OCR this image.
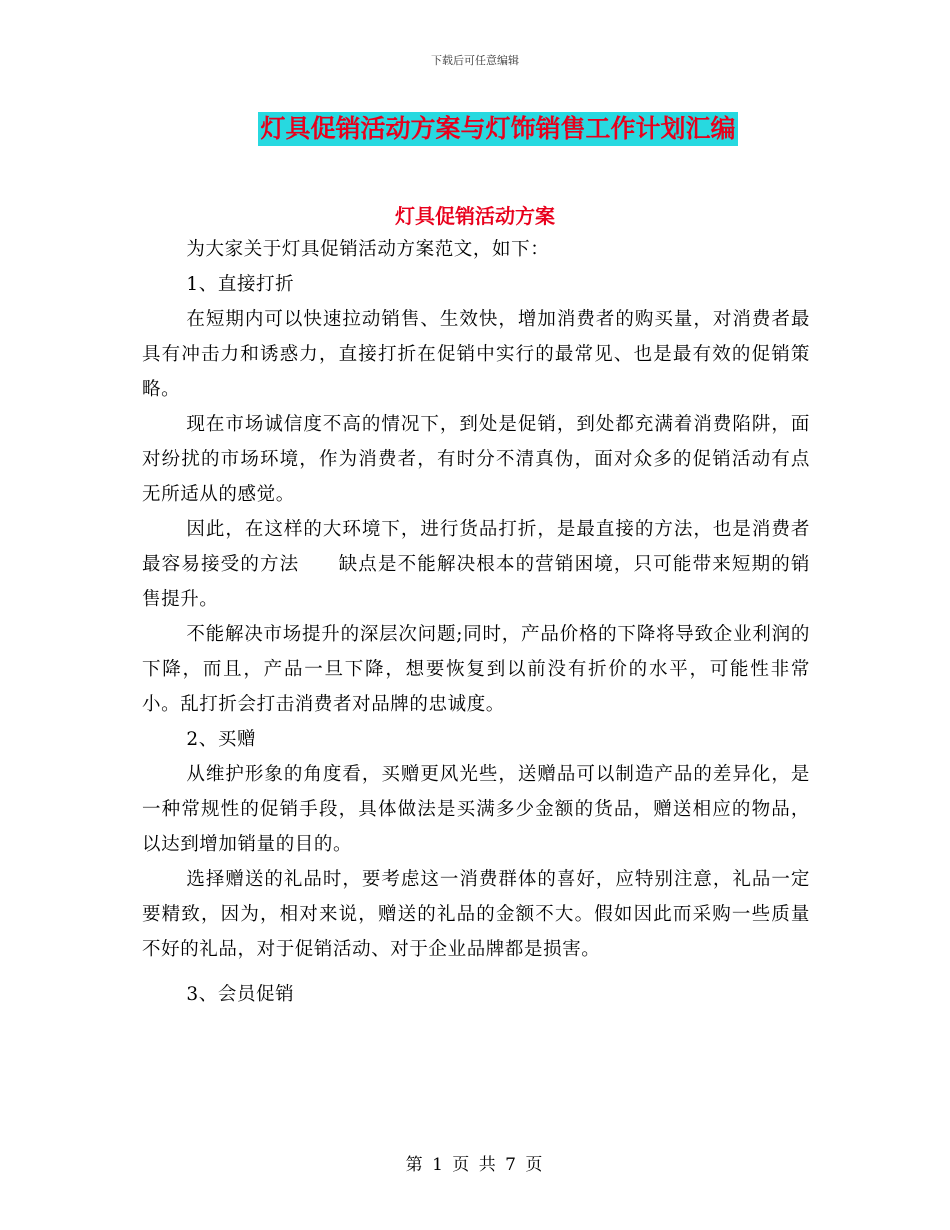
下载后可任意编辑
灯具促销活动方案与灯饰销售工作计划汇编
灯具促销活动方案

为大家关于灯具促销活动方案范文，如下：

1、直接打折

在短期内可以快速拉动销售、生效快，增加消费者的购买量，对消费者最具有冲击力和诱惑力，直接打折在促销中实行的最常见、也是最有效的促销策略。

现在市场诚信度不高的情况下，到处是促销，到处都充满着消费陷阱，面对纷扰的市场环境，作为消费者，有时分不清真伪，面对众多的促销活动有点无所适从的感觉。

因此，在这样的大环境下，进行货品打折，是最直接的方法，也是消费者最容易接受的方法　　缺点是不能解决根本的营销困境，只可能带来短期的销售提升。

不能解决市场提升的深层次问题;同时，产品价格的下降将导致企业利润的下降，而且，产品一旦下降，想要恢复到以前没有折价的水平，可能性非常小。乱打折会打击消费者对品牌的忠诚度。

2、买赠

从维护形象的角度看，买赠更风光些，送赠品可以制造产品的差异化，是一种常规性的促销手段，具体做法是买满多少金额的货品，赠送相应的物品，以达到增加销量的目的。

选择赠送的礼品时，要考虑这一消费群体的喜好，应特别注意，礼品一定要精致，因为，相对来说，赠送的礼品的金额不大。假如因此而采购一些质量不好的礼品，对于促销活动、对于企业品牌都是损害。

3、会员促销

第 1 页 共 7 页
